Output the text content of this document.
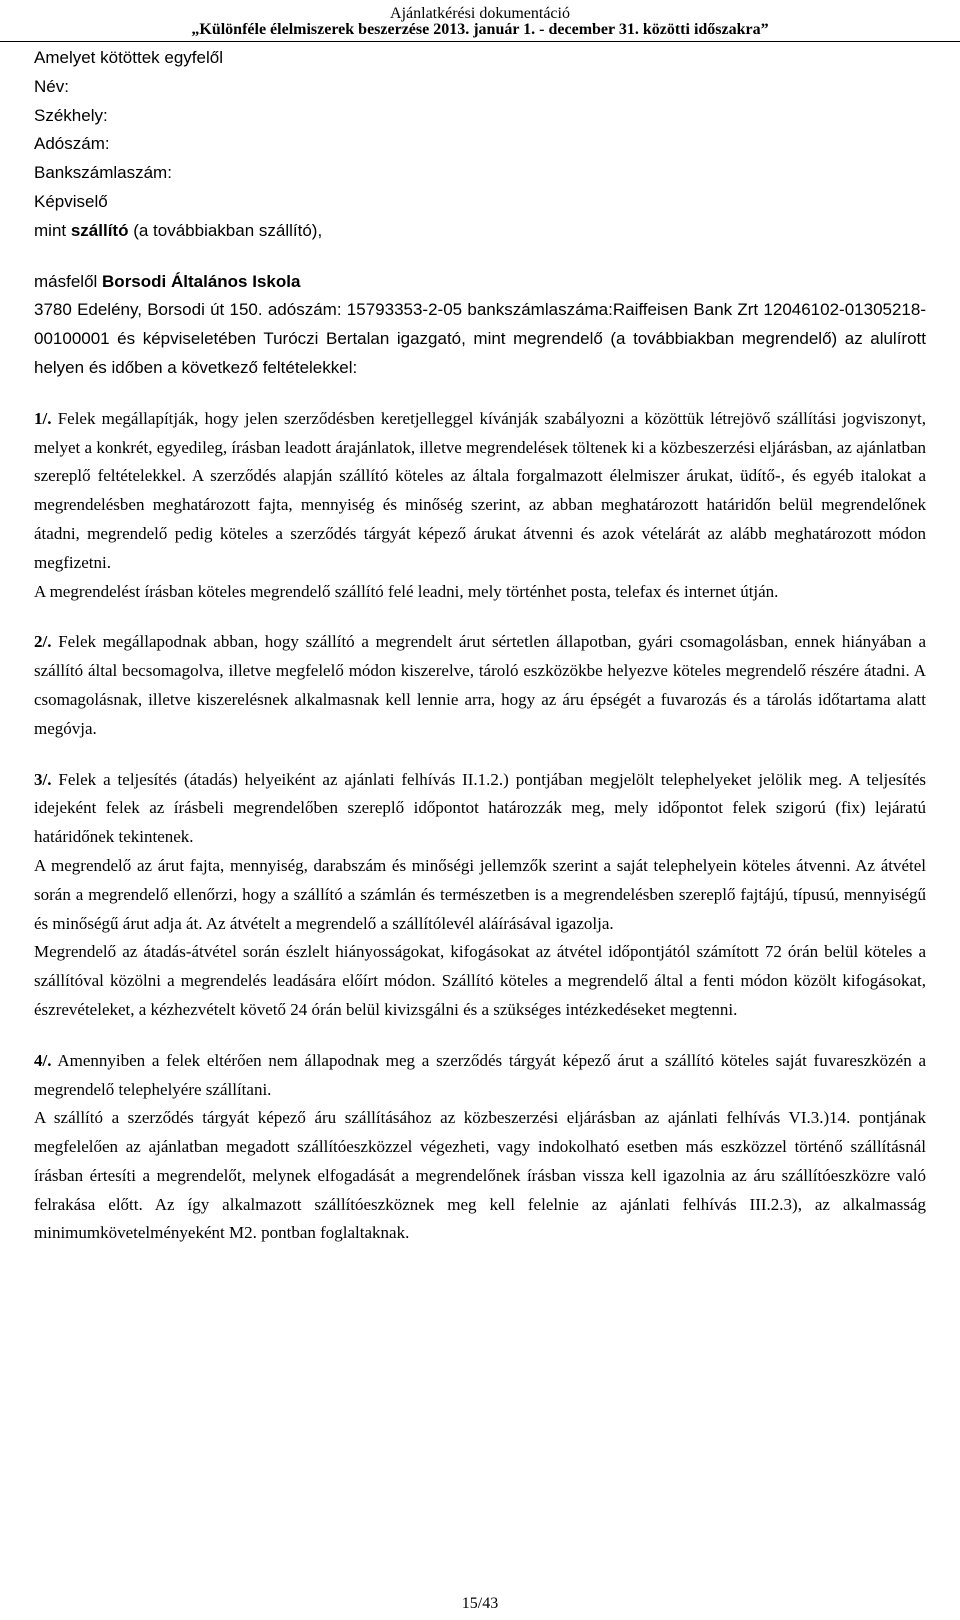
Ajánlatkérési dokumentáció
„Különféle élelmiszerek beszerzése 2013. január 1. - december 31. közötti időszakra”
Amelyet kötöttek egyfelől
Név:
Székhely:
Adószám:
Bankszámlaszám:
Képviselő
mint szállító (a továbbiakban szállító),
másfelől Borsodi Általános Iskola

3780 Edelény, Borsodi út 150. adószám: 15793353-2-05 bankszámlaszáma:Raiffeisen Bank Zrt 12046102-01305218-00100001 és képviseletében Turóczi Bertalan igazgató, mint megrendelő (a továbbiakban megrendelő) az alulírott helyen és időben a következő feltételekkel:

1/. Felek megállapítják, hogy jelen szerződésben keretjelleggel kívánják szabályozni a közöttük létrejövő szállítási jogviszonyt, melyet a konkrét, egyedileg, írásban leadott árajánlatok, illetve megrendelések töltenek ki a közbeszerzési eljárásban, az ajánlatban szereplő feltételekkel. A szerződés alapján szállító köteles az általa forgalmazott élelmiszer árukat, üdítő-, és egyéb italokat a megrendelésben meghatározott fajta, mennyiség és minőség szerint, az abban meghatározott határidőn belül megrendelőnek átadni, megrendelő pedig köteles a szerződés tárgyát képező árukat átvenni és azok vételárát az alább meghatározott módon megfizetni.

A megrendelést írásban köteles megrendelő szállító felé leadni, mely történhet posta, telefax és internet útján.

2/. Felek megállapodnak abban, hogy szállító a megrendelt árut sértetlen állapotban, gyári csomagolásban, ennek hiányában a szállító által becsomagolva, illetve megfelelő módon kiszerelve, tároló eszközökbe helyezve köteles megrendelő részére átadni. A csomagolásnak, illetve kiszerelésnek alkalmasnak kell lennie arra, hogy az áru épségét a fuvarozás és a tárolás időtartama alatt megóvja.

3/. Felek a teljesítés (átadás) helyeiként az ajánlati felhívás II.1.2.) pontjában megjelölt telephelyeket jelölik meg. A teljesítés idejeként felek az írásbeli megrendelőben szereplő időpontot határozzák meg, mely időpontot felek szigorú (fix) lejáratú határidőnek tekintenek.

A megrendelő az árut fajta, mennyiség, darabszám és minőségi jellemzők szerint a saját telephelyein köteles átvenni. Az átvétel során a megrendelő ellenőrzi, hogy a szállító a számlán és természetben is a megrendelésben szereplő fajtájú, típusú, mennyiségű és minőségű árut adja át. Az átvételt a megrendelő a szállítólevél aláírásával igazolja.

Megrendelő az átadás-átvétel során észlelt hiányosságokat, kifogásokat az átvétel időpontjától számított 72 órán belül köteles a szállítóval közölni a megrendelés leadására előírt módon. Szállító köteles a megrendelő által a fenti módon közölt kifogásokat, észrevételeket, a kézhezvételt követő 24 órán belül kivizsgálni és a szükséges intézkedéseket megtenni.

4/. Amennyiben a felek eltérően nem állapodnak meg a szerződés tárgyát képező árut a szállító köteles saját fuvareszközén a megrendelő telephelyére szállítani.

A szállító a szerződés tárgyát képező áru szállításához az közbeszerzési eljárásban az ajánlati felhívás VI.3.)14. pontjának megfelelően az ajánlatban megadott szállítóeszközzel végezheti, vagy indokolható esetben más eszközzel történő szállításnál írásban értesíti a megrendelőt, melynek elfogadását a megrendelőnek írásban vissza kell igazolnia az áru szállítóeszközre való felrakása előtt. Az így alkalmazott szállítóeszköznek meg kell felelnie az ajánlati felhívás III.2.3), az alkalmasság minimumkövetelményeként M2. pontban foglaltaknak.

15/43
